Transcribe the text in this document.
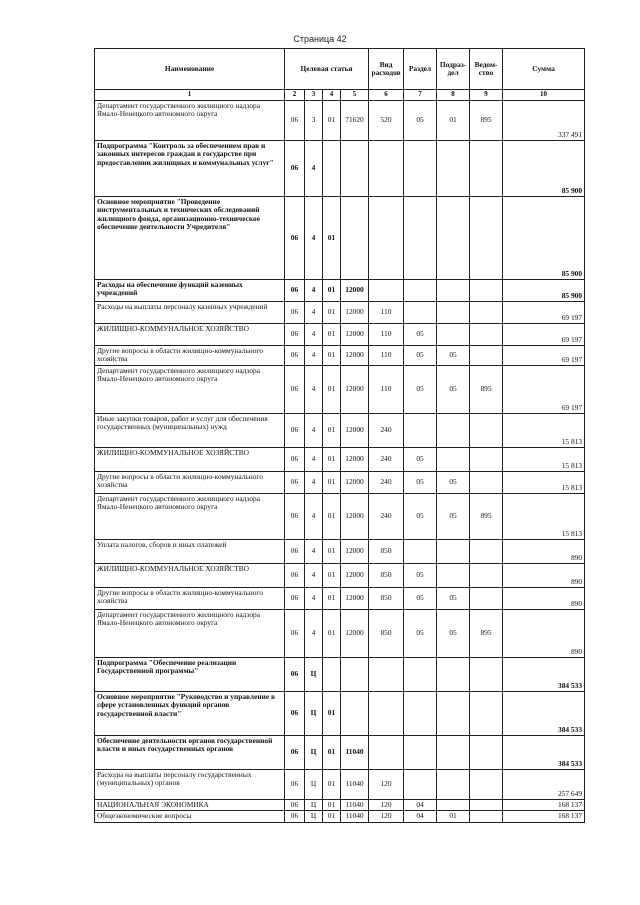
Страница 42
Наименование	Целевая статья				Вид расходов	Раздел	Подраз-дел	Ведом-ство	Сумма
1	2	3	4	5	6	7	8	9	10
Департамент государственного жилищного надзора Ямало-Ненецкого автономного округа	06	3	01	71620	520	05	01	895	337 491
Подпрограмма "Контроль за обеспечением прав и законных интересов граждан в государстве при предоставлении жилищных и коммунальных услуг"	06	4							85 900
Основное мероприятие "Проведение инструментальных и технических обследований жилищного фонда, организационно-техническое обеспечение деятельности Учредителя"	06	4	01						85 900
Расходы на обеспечение функций казенных учреждений	06	4	01	12000					85 900
Расходы на выплаты персоналу казенных учреждений	06	4	01	12000	110				69 197
ЖИЛИЩНО-КОММУНАЛЬНОЕ ХОЗЯЙСТВО	06	4	01	12000	110	05			69 197
Другие вопросы в области жилищно-коммунального хозяйства	06	4	01	12000	110	05	05		69 197
Департамент государственного жилищного надзора Ямало-Ненецкого автономного округа	06	4	01	12000	110	05	05	895	69 197
Иные закупки товаров, работ и услуг для обеспечения государственных (муниципальных) нужд	06	4	01	12000	240				15 813
ЖИЛИЩНО-КОММУНАЛЬНОЕ ХОЗЯЙСТВО	06	4	01	12000	240	05			15 813
Другие вопросы в области жилищно-коммунального хозяйства	06	4	01	12000	240	05	05		15 813
Департамент государственного жилищного надзора Ямало-Ненецкого автономного округа	06	4	01	12000	240	05	05	895	15 813
Уплата налогов, сборов и иных платежей	06	4	01	12000	850				890
ЖИЛИЩНО-КОММУНАЛЬНОЕ ХОЗЯЙСТВО	06	4	01	12000	850	05			890
Другие вопросы в области жилищно-коммунального хозяйства	06	4	01	12000	850	05	05		890
Департамент государственного жилищного надзора Ямало-Ненецкого автономного округа	06	4	01	12000	850	05	05	895	890
Подпрограмма "Обеспечение реализации Государственной программы"	06	Ц							384 533
Основное мероприятие "Руководство и управление в сфере установленных функций органов государственной власти"	06	Ц	01						384 533
Обеспечение деятельности органов государственной власти и иных государственных органов	06	Ц	01	11040					384 533
Расходы на выплаты персоналу государственных (муниципальных) органов	06	Ц	01	11040	120				257 649
НАЦИОНАЛЬНАЯ ЭКОНОМИКА	06	Ц	01	11040	120	04			168 137
Общеэкономические вопросы	06	Ц	01	11040	120	04	01		168 137
